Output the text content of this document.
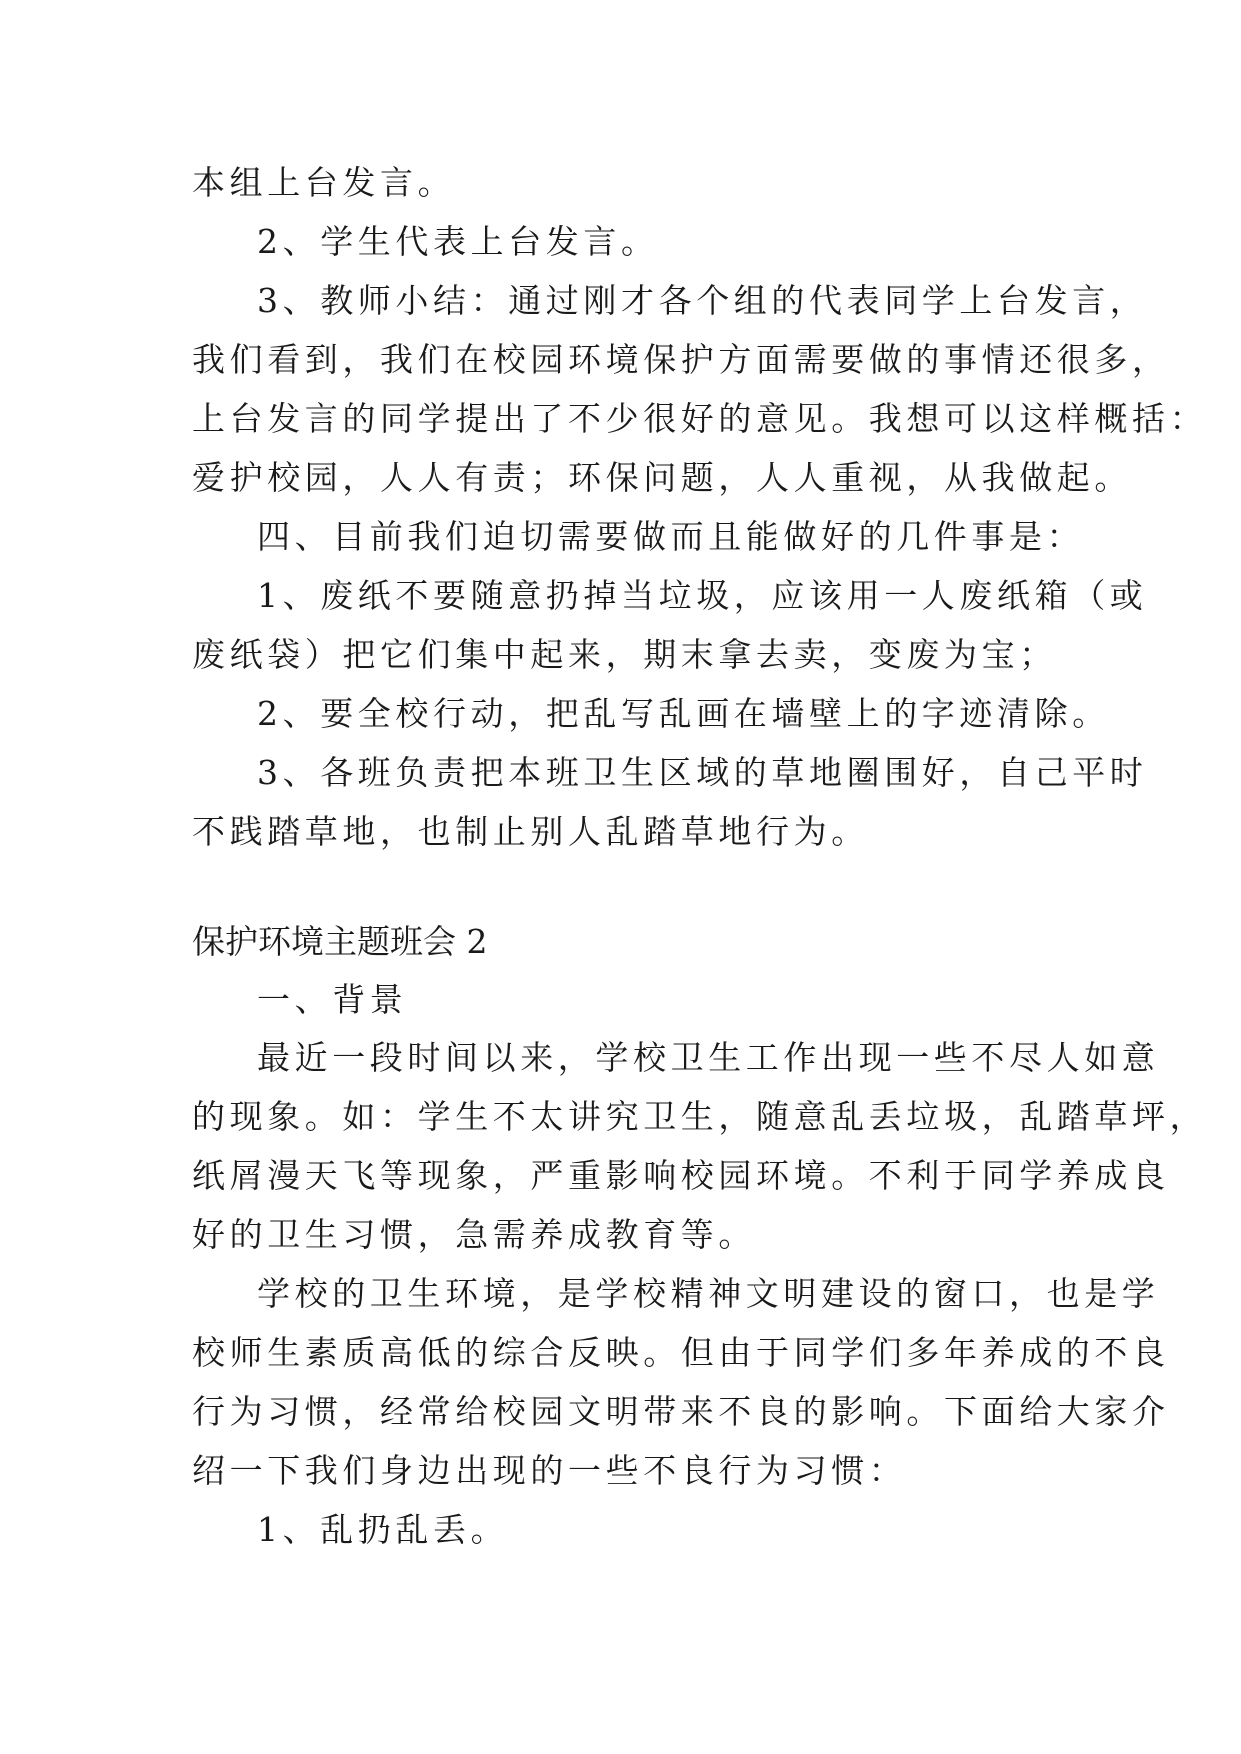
本组上台发言。
2、学生代表上台发言。
3、教师小结：通过刚才各个组的代表同学上台发言，
我们看到，我们在校园环境保护方面需要做的事情还很多，
上台发言的同学提出了不少很好的意见。我想可以这样概括：
爱护校园，人人有责；环保问题，人人重视，从我做起。
四、目前我们迫切需要做而且能做好的几件事是：
1、废纸不要随意扔掉当垃圾，应该用一人废纸箱（或
废纸袋）把它们集中起来，期末拿去卖，变废为宝；
2、要全校行动，把乱写乱画在墙壁上的字迹清除。
3、各班负责把本班卫生区域的草地圈围好，自己平时
不践踏草地，也制止别人乱踏草地行为。
保护环境主题班会 2
一、背景
最近一段时间以来，学校卫生工作出现一些不尽人如意
的现象。如：学生不太讲究卫生，随意乱丢垃圾，乱踏草坪，
纸屑漫天飞等现象，严重影响校园环境。不利于同学养成良
好的卫生习惯，急需养成教育等。
学校的卫生环境，是学校精神文明建设的窗口，也是学
校师生素质高低的综合反映。但由于同学们多年养成的不良
行为习惯，经常给校园文明带来不良的影响。下面给大家介
绍一下我们身边出现的一些不良行为习惯：
1、乱扔乱丢。
